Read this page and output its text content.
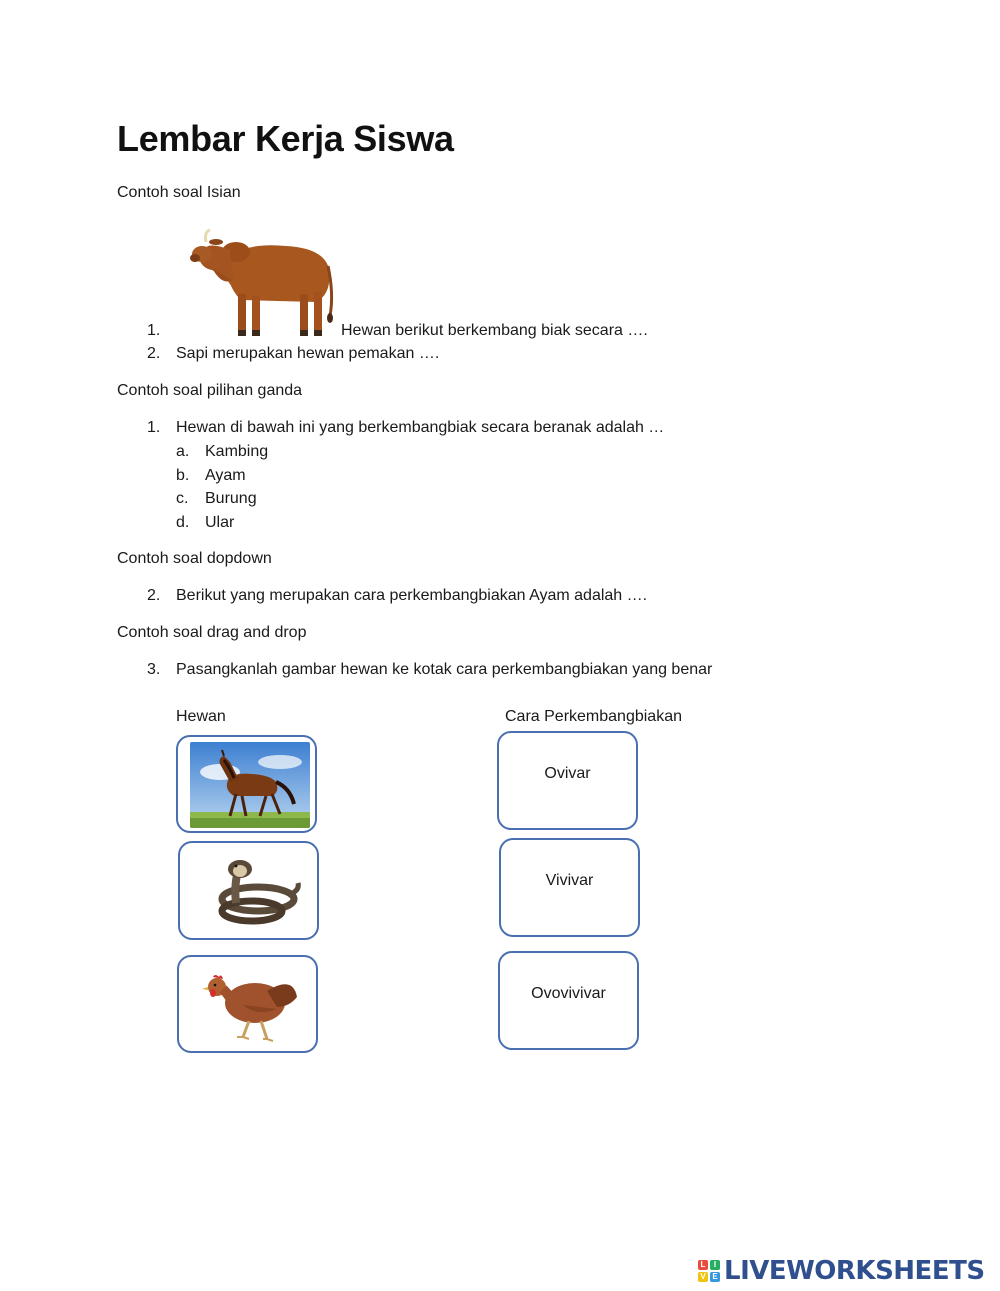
Lembar Kerja Siswa
Contoh soal Isian
1.	Hewan berikut berkembang biak secara ….
2. Sapi merupakan hewan pemakan ….
Contoh soal pilihan ganda
1. Hewan di bawah ini yang berkembangbiak secara beranak adalah …
a. Kambing
b. Ayam
c. Burung
d. Ular
Contoh soal dopdown
2. Berikut yang merupakan cara perkembangbiakan Ayam adalah ….
Contoh soal drag and drop
3. Pasangkanlah gambar hewan ke kotak cara perkembangbiakan yang benar
Hewan	Cara Perkembangbiakan
Ovivar
Vivivar
Ovovivivar
L	I
V E LIVEWORKSHEETS
